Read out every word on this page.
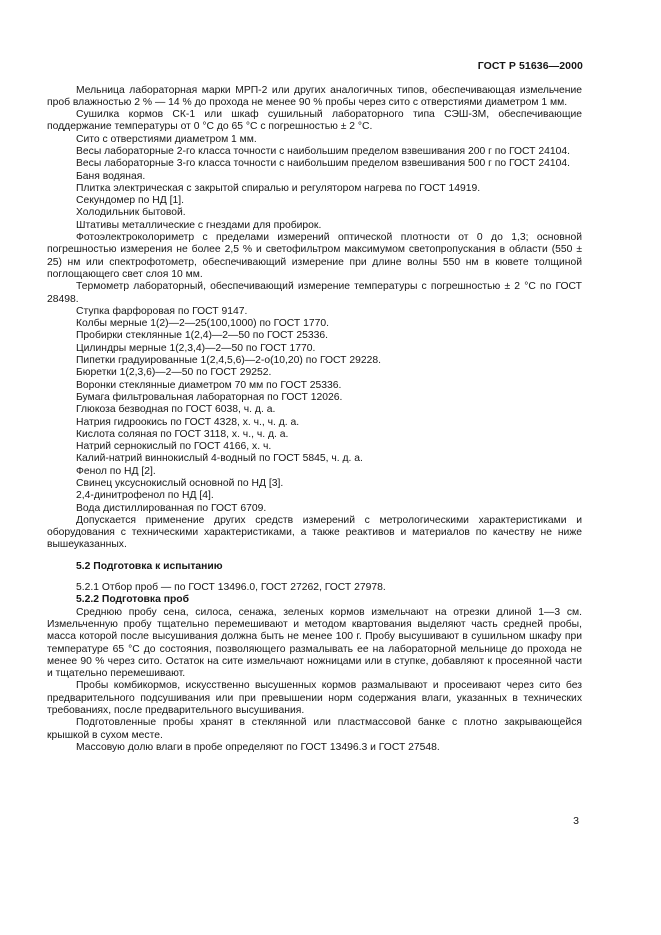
ГОСТ Р 51636—2000

Мельница лабораторная марки МРП-2 или других аналогичных типов, обеспечивающая измельчение проб влажностью 2 % — 14 % до прохода не менее 90 % пробы через сито с отверстиями диаметром 1 мм.

Сушилка кормов СК-1 или шкаф сушильный лабораторного типа СЭШ-3М, обеспечивающие поддержание температуры от 0 °С до 65 °С с погрешностью ± 2 °С.

Сито с отверстиями диаметром 1 мм.

Весы лабораторные 2-го класса точности с наибольшим пределом взвешивания 200 г по ГОСТ 24104.

Весы лабораторные 3-го класса точности с наибольшим пределом взвешивания 500 г по ГОСТ 24104.

Баня водяная.

Плитка электрическая с закрытой спиралью и регулятором нагрева по ГОСТ 14919.

Секундомер по НД [1].

Холодильник бытовой.

Штативы металлические с гнездами для пробирок.

Фотоэлектроколориметр с пределами измерений оптической плотности от 0 до 1,3; основной погрешностью измерения не более 2,5 % и светофильтром максимумом светопропускания в области (550 ± 25) нм или спектрофотометр, обеспечивающий измерение при длине волны 550 нм в кювете толщиной поглощающего свет слоя 10 мм.

Термометр лабораторный, обеспечивающий измерение температуры с погрешностью ± 2 °С по ГОСТ 28498.

Ступка фарфоровая по ГОСТ 9147.

Колбы мерные 1(2)—2—25(100,1000) по ГОСТ 1770.

Пробирки стеклянные 1(2,4)—2—50 по ГОСТ 25336.

Цилиндры мерные 1(2,3,4)—2—50 по ГОСТ 1770.

Пипетки градуированные 1(2,4,5,6)—2-о(10,20) по ГОСТ 29228.

Бюретки 1(2,3,6)—2—50 по ГОСТ 29252.

Воронки стеклянные диаметром 70 мм по ГОСТ 25336.

Бумага фильтровальная лабораторная по ГОСТ 12026.

Глюкоза безводная по ГОСТ 6038, ч. д. а.

Натрия гидроокись по ГОСТ 4328, х. ч., ч. д. а.

Кислота соляная по ГОСТ 3118, х. ч., ч. д. а.

Натрий сернокислый по ГОСТ 4166, х. ч.

Калий-натрий виннокислый 4-водный по ГОСТ 5845, ч. д. а.

Фенол по НД [2].

Свинец уксуснокислый основной по НД [3].

2,4-динитрофенол по НД [4].

Вода дистиллированная по ГОСТ 6709.

Допускается применение других средств измерений с метрологическими характеристиками и оборудования с техническими характеристиками, а также реактивов и материалов по качеству не ниже вышеуказанных.

5.2 Подготовка к испытанию

5.2.1 Отбор проб — по ГОСТ 13496.0, ГОСТ 27262, ГОСТ 27978.

5.2.2 Подготовка проб

Среднюю пробу сена, силоса, сенажа, зеленых кормов измельчают на отрезки длиной 1—3 см. Измельченную пробу тщательно перемешивают и методом квартования выделяют часть средней пробы, масса которой после высушивания должна быть не менее 100 г. Пробу высушивают в сушильном шкафу при температуре 65 °С до состояния, позволяющего размалывать ее на лабораторной мельнице до прохода не менее 90 % через сито. Остаток на сите измельчают ножницами или в ступке, добавляют к просеянной части и тщательно перемешивают.

Пробы комбикормов, искусственно высушенных кормов размалывают и просеивают через сито без предварительного подсушивания или при превышении норм содержания влаги, указанных в технических требованиях, после предварительного высушивания.

Подготовленные пробы хранят в стеклянной или пластмассовой банке с плотно закрывающейся крышкой в сухом месте.

Массовую долю влаги в пробе определяют по ГОСТ 13496.3 и ГОСТ 27548.

3
